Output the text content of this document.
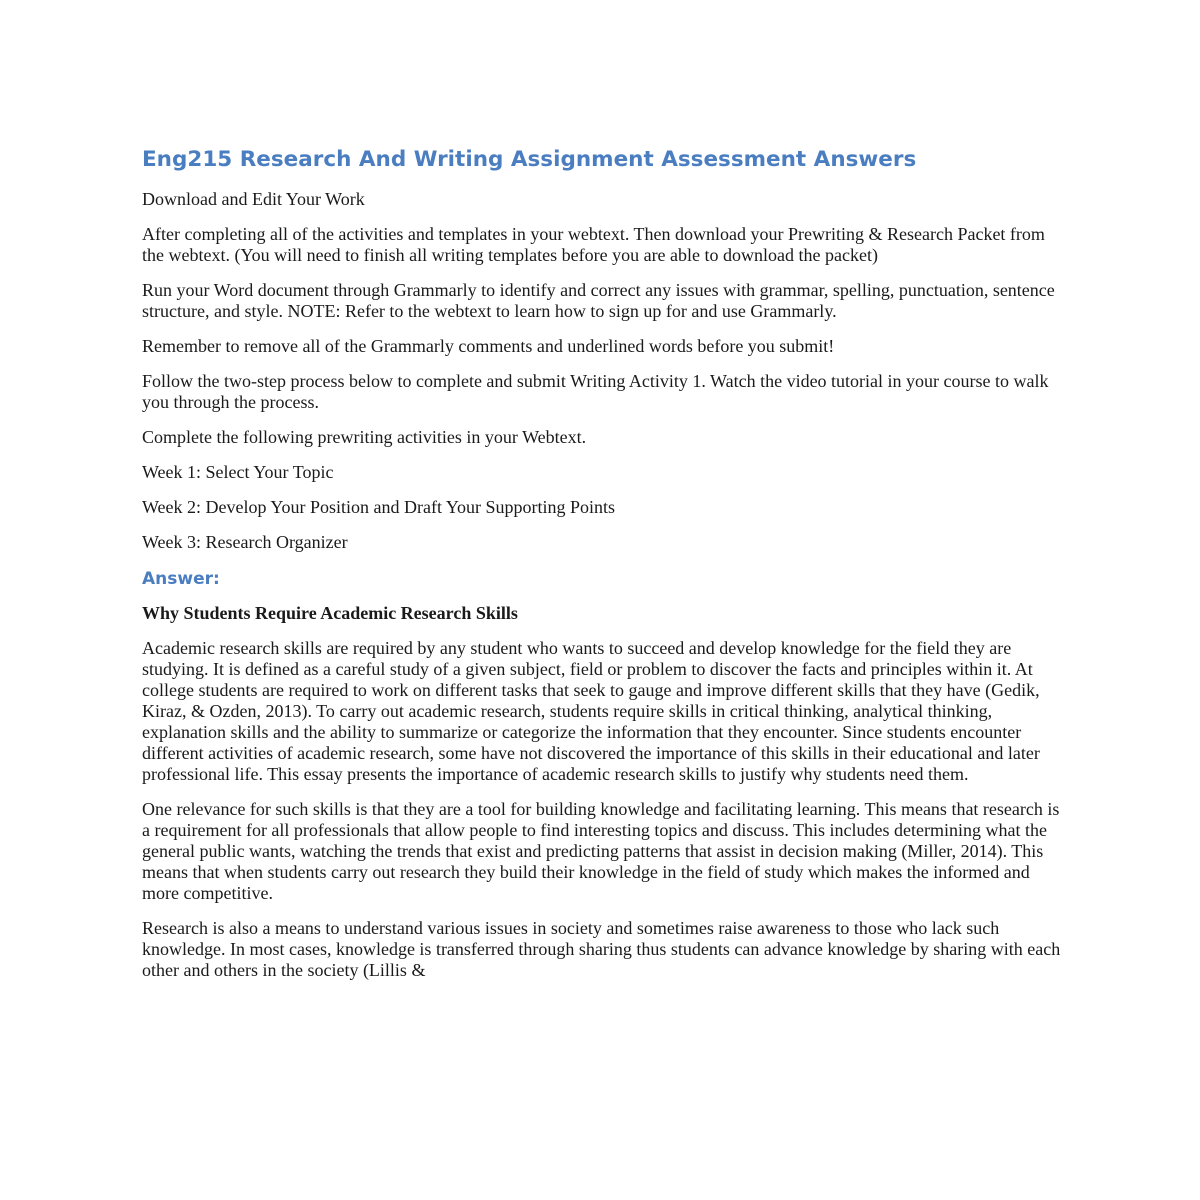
Eng215 Research And Writing Assignment Assessment Answers

Download and Edit Your Work

After completing all of the activities and templates in your webtext. Then download your Prewriting & Research Packet from the webtext. (You will need to finish all writing templates before you are able to download the packet)

Run your Word document through Grammarly to identify and correct any issues with grammar, spelling, punctuation, sentence structure, and style. NOTE: Refer to the webtext to learn how to sign up for and use Grammarly.

Remember to remove all of the Grammarly comments and underlined words before you submit!

Follow the two-step process below to complete and submit Writing Activity 1. Watch the video tutorial in your course to walk you through the process.

Complete the following prewriting activities in your Webtext.

Week 1: Select Your Topic

Week 2: Develop Your Position and Draft Your Supporting Points

Week 3: Research Organizer

Answer:

Why Students Require Academic Research Skills

Academic research skills are required by any student who wants to succeed and develop knowledge for the field they are studying. It is defined as a careful study of a given subject, field or problem to discover the facts and principles within it. At college students are required to work on different tasks that seek to gauge and improve different skills that they have (Gedik, Kiraz, & Ozden, 2013). To carry out academic research, students require skills in critical thinking, analytical thinking, explanation skills and the ability to summarize or categorize the information that they encounter. Since students encounter different activities of academic research, some have not discovered the importance of this skills in their educational and later professional life. This essay presents the importance of academic research skills to justify why students need them.

One relevance for such skills is that they are a tool for building knowledge and facilitating learning. This means that research is a requirement for all professionals that allow people to find interesting topics and discuss. This includes determining what the general public wants, watching the trends that exist and predicting patterns that assist in decision making (Miller, 2014). This means that when students carry out research they build their knowledge in the field of study which makes the informed and more competitive.

Research is also a means to understand various issues in society and sometimes raise awareness to those who lack such knowledge. In most cases, knowledge is transferred through sharing thus students can advance knowledge by sharing with each other and others in the society (Lillis &
